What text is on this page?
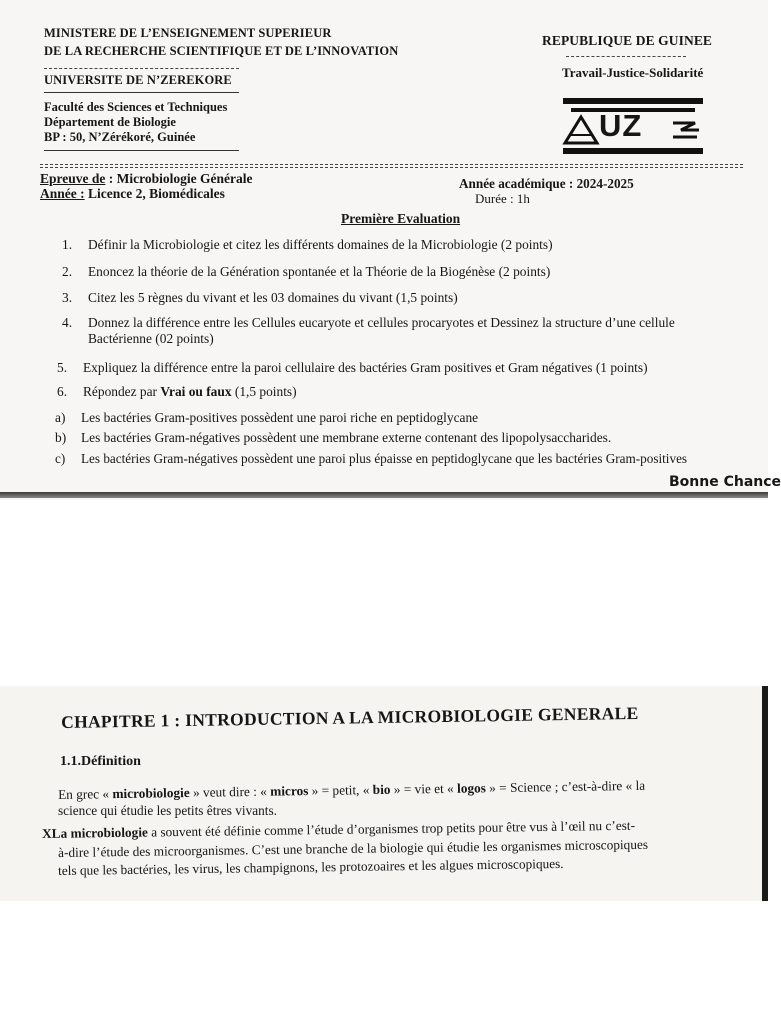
MINISTERE DE L’ENSEIGNEMENT SUPERIEUR
DE LA RECHERCHE SCIENTIFIQUE ET DE L’INNOVATION
UNIVERSITE DE N’ZEREKORE
Faculté des Sciences et Techniques
Département de Biologie
BP : 50, N’Zérékoré, Guinée
REPUBLIQUE DE GUINEE
Travail-Justice-Solidarité
UZ
Epreuve de : Microbiologie Générale
Année : Licence 2, Biomédicales
Année académique : 2024-2025
Durée : 1h
Première Evaluation
1. Définir la Microbiologie et citez les différents domaines de la Microbiologie (2 points)
2. Enoncez la théorie de la Génération spontanée et la Théorie de la Biogénèse (2 points)
3. Citez les 5 règnes du vivant et les 03 domaines du vivant (1,5 points)
4. Donnez la différence entre les Cellules eucaryote et cellules procaryotes et Dessinez la structure d’une cellule
Bactérienne (02 points)
5. Expliquez la différence entre la paroi cellulaire des bactéries Gram positives et Gram négatives (1 points)
6. Répondez par Vrai ou faux (1,5 points)
a) Les bactéries Gram-positives possèdent une paroi riche en peptidoglycane
b) Les bactéries Gram-négatives possèdent une membrane externe contenant des lipopolysaccharides.
c) Les bactéries Gram-négatives possèdent une paroi plus épaisse en peptidoglycane que les bactéries Gram-positives
Bonne Chance
CHAPITRE 1 : INTRODUCTION A LA MICROBIOLOGIE GENERALE
1.1.Définition
En grec « microbiologie » veut dire : « micros » = petit, « bio » = vie et « logos » = Science ; c’est-à-dire « la
science qui étudie les petits êtres vivants.
XLa microbiologie a souvent été définie comme l’étude d’organismes trop petits pour être vus à l’œil nu c’est-
à-dire l’étude des microorganismes. C’est une branche de la biologie qui étudie les organismes microscopiques
tels que les bactéries, les virus, les champignons, les protozoaires et les algues microscopiques.
